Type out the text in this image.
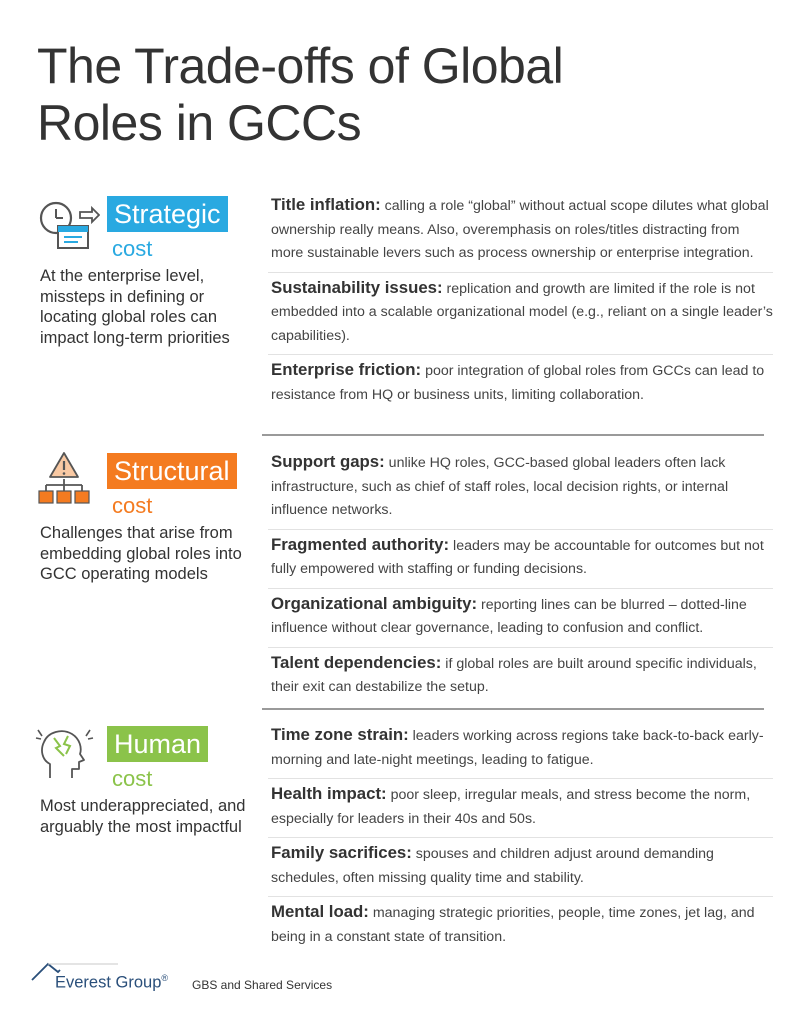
The Trade-offs of Global
Roles in GCCs
Strategic
cost
At the enterprise level, missteps in defining or locating global roles can impact long-term priorities
Title inflation: calling a role “global” without actual scope dilutes what global ownership really means. Also, overemphasis on roles/titles distracting from more sustainable levers such as process ownership or enterprise integration.
Sustainability issues: replication and growth are limited if the role is not embedded into a scalable organizational model (e.g., reliant on a single leader’s capabilities).
Enterprise friction: poor integration of global roles from GCCs can lead to resistance from HQ or business units, limiting collaboration.
Structural
cost
Challenges that arise from embedding global roles into GCC operating models
Support gaps: unlike HQ roles, GCC-based global leaders often lack infrastructure, such as chief of staff roles, local decision rights, or internal influence networks.
Fragmented authority: leaders may be accountable for outcomes but not fully empowered with staffing or funding decisions.
Organizational ambiguity: reporting lines can be blurred – dotted-line influence without clear governance, leading to confusion and conflict.
Talent dependencies: if global roles are built around specific individuals, their exit can destabilize the setup.
Human
cost
Most underappreciated, and arguably the most impactful
Time zone strain: leaders working across regions take back-to-back early-morning and late-night meetings, leading to fatigue.
Health impact: poor sleep, irregular meals, and stress become the norm, especially for leaders in their 40s and 50s.
Family sacrifices: spouses and children adjust around demanding schedules, often missing quality time and stability.
Mental load: managing strategic priorities, people, time zones, jet lag, and being in a constant state of transition.
Everest Group® GBS and Shared Services
